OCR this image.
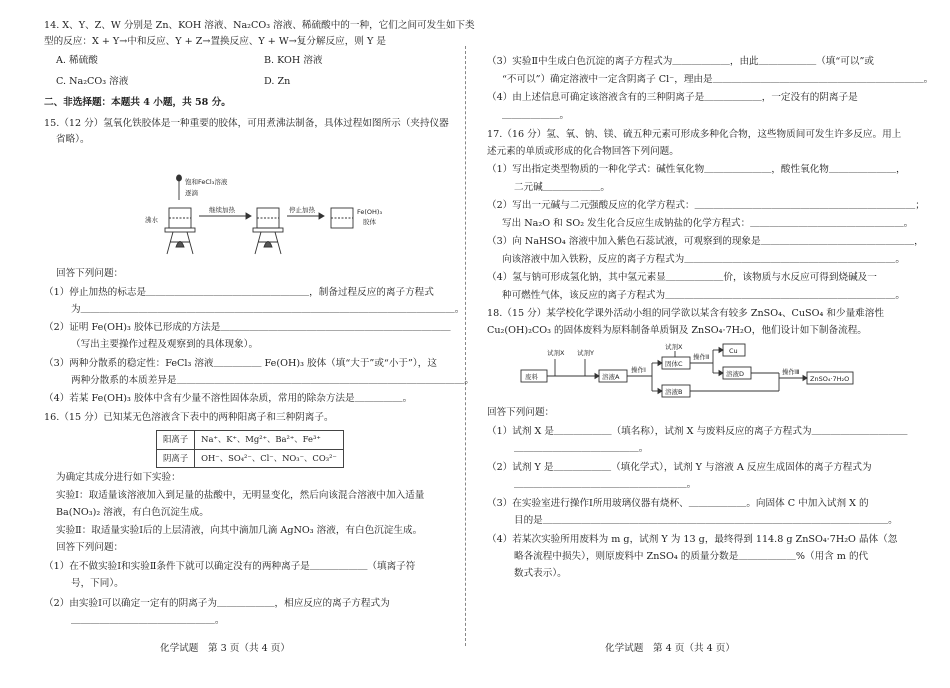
14. X、Y、Z、W 分别是 Zn、KOH 溶液、Na₂CO₃ 溶液、稀硫酸中的一种，它们之间可发生如下类
型的反应：X + Y→中和反应、Y + Z→置换反应、Y + W→复分解反应，则 Y 是
A. 稀硫酸	B. KOH 溶液
C. Na₂CO₃ 溶液	D. Zn
二、非选择题：本题共 4 小题，共 58 分。
15.（12 分）氢氧化铁胶体是一种重要的胶体，可用煮沸法制备，具体过程如图所示（夹持仪器
省略）。
饱和FeCl₃溶液
逐滴
沸水
继续加热	停止加热	Fe(OH)₃
胶体
回答下列问题：
（1）停止加热的标志是＿＿＿＿＿＿＿＿＿＿＿＿＿＿＿＿＿，制备过程反应的离子方程式
为＿＿＿＿＿＿＿＿＿＿＿＿＿＿＿＿＿＿＿＿＿＿＿＿＿＿＿＿＿＿＿＿＿＿＿＿＿＿＿。
（2）证明 Fe(OH)₃ 胶体已形成的方法是＿＿＿＿＿＿＿＿＿＿＿＿＿＿＿＿＿＿＿＿＿＿＿＿
（写出主要操作过程及观察到的具体现象）。
（3）两种分散系的稳定性：FeCl₃ 溶液＿＿＿＿＿ Fe(OH)₃ 胶体（填“大于”或“小于”），这
两种分散系的本质差异是＿＿＿＿＿＿＿＿＿＿＿＿＿＿＿＿＿＿＿＿＿＿＿＿＿＿＿＿＿＿。
（4）若某 Fe(OH)₃ 胶体中含有少量不溶性固体杂质，常用的除杂方法是＿＿＿＿＿。
16.（15 分）已知某无色溶液含下表中的两种阳离子和三种阴离子。
阳离子	Na⁺、K⁺、Mg²⁺、Ba²⁺、Fe³⁺
阴离子	OH⁻、SO₄²⁻、Cl⁻、NO₃⁻、CO₃²⁻
为确定其成分进行如下实验：
实验Ⅰ：取适量该溶液加入到足量的盐酸中，无明显变化，然后向该混合溶液中加入适量
Ba(NO₃)₂ 溶液，有白色沉淀生成。
实验Ⅱ：取适量实验Ⅰ后的上层清液，向其中滴加几滴 AgNO₃ 溶液，有白色沉淀生成。
回答下列问题：
（1）在不做实验Ⅰ和实验Ⅱ条件下就可以确定没有的两种离子是＿＿＿＿＿＿（填离子符
号，下同）。
（2）由实验Ⅰ可以确定一定有的阴离子为＿＿＿＿＿＿，相应反应的离子方程式为
＿＿＿＿＿＿＿＿＿＿＿＿＿＿＿。
（3）实验Ⅱ中生成白色沉淀的离子方程式为＿＿＿＿＿＿，由此＿＿＿＿＿＿（填“可以”或
“不可以”）确定溶液中一定含阴离子 Cl⁻，理由是＿＿＿＿＿＿＿＿＿＿＿＿＿＿＿＿＿＿＿＿＿＿。
（4）由上述信息可确定该溶液含有的三种阴离子是＿＿＿＿＿＿，一定没有的阴离子是
＿＿＿＿＿＿。
17.（16 分）氢、氧、钠、镁、硫五种元素可形成多种化合物，这些物质间可发生许多反应。用上
述元素的单质或形成的化合物回答下列问题。
（1）写出指定类型物质的一种化学式：碱性氧化物＿＿＿＿＿＿＿，酸性氧化物＿＿＿＿＿＿＿，
二元碱＿＿＿＿＿＿。
（2）写出一元碱与二元强酸反应的化学方程式：＿＿＿＿＿＿＿＿＿＿＿＿＿＿＿＿＿＿＿＿＿＿＿；
写出 Na₂O 和 SO₂ 发生化合反应生成钠盐的化学方程式：＿＿＿＿＿＿＿＿＿＿＿＿＿＿＿＿。
（3）向 NaHSO₄ 溶液中加入紫色石蕊试液，可观察到的现象是＿＿＿＿＿＿＿＿＿＿＿＿＿＿＿＿，
向该溶液中加入铁粉，反应的离子方程式为＿＿＿＿＿＿＿＿＿＿＿＿＿＿＿＿＿＿＿＿＿＿。
（4）氢与钠可形成氢化钠，其中氢元素显＿＿＿＿＿＿价，该物质与水反应可得到烧碱及一
种可燃性气体，该反应的离子方程式为＿＿＿＿＿＿＿＿＿＿＿＿＿＿＿＿＿＿＿＿＿＿＿＿。
18.（15 分）某学校化学课外活动小组的同学欲以某含有较多 ZnSO₄、CuSO₄ 和少量难溶性
Cu₂(OH)₂CO₃ 的固体废料为原料制备单质铜及 ZnSO₄·7H₂O，他们设计如下制备流程。
试剂X 试剂Y
废料	溶液A
操作Ⅰ
试剂X
固体C
操作Ⅱ
Cu
溶液D
溶液B
操作Ⅲ
ZnSO₄·7H₂O
回答下列问题：
（1）试剂 X 是＿＿＿＿＿＿（填名称），试剂 X 与废料反应的离子方程式为＿＿＿＿＿＿＿＿＿＿
＿＿＿＿＿＿＿＿＿＿＿＿＿。
（2）试剂 Y 是＿＿＿＿＿＿（填化学式），试剂 Y 与溶液 A 反应生成固体的离子方程式为
＿＿＿＿＿＿＿＿＿＿＿＿＿＿＿＿＿＿。
（3）在实验室进行操作Ⅰ所用玻璃仪器有烧杯、＿＿＿＿＿＿。向固体 C 中加入试剂 X 的
目的是＿＿＿＿＿＿＿＿＿＿＿＿＿＿＿＿＿＿＿＿＿＿＿＿＿＿＿＿＿＿＿＿＿＿＿＿。
（4）若某次实验所用废料为 m g，试剂 Y 为 13 g，最终得到 114.8 g ZnSO₄·7H₂O 晶体（忽
略各流程中损失），则原废料中 ZnSO₄ 的质量分数是＿＿＿＿＿＿%（用含 m 的代
数式表示）。
化学试题　第 3 页（共 4 页）	化学试题　第 4 页（共 4 页）
